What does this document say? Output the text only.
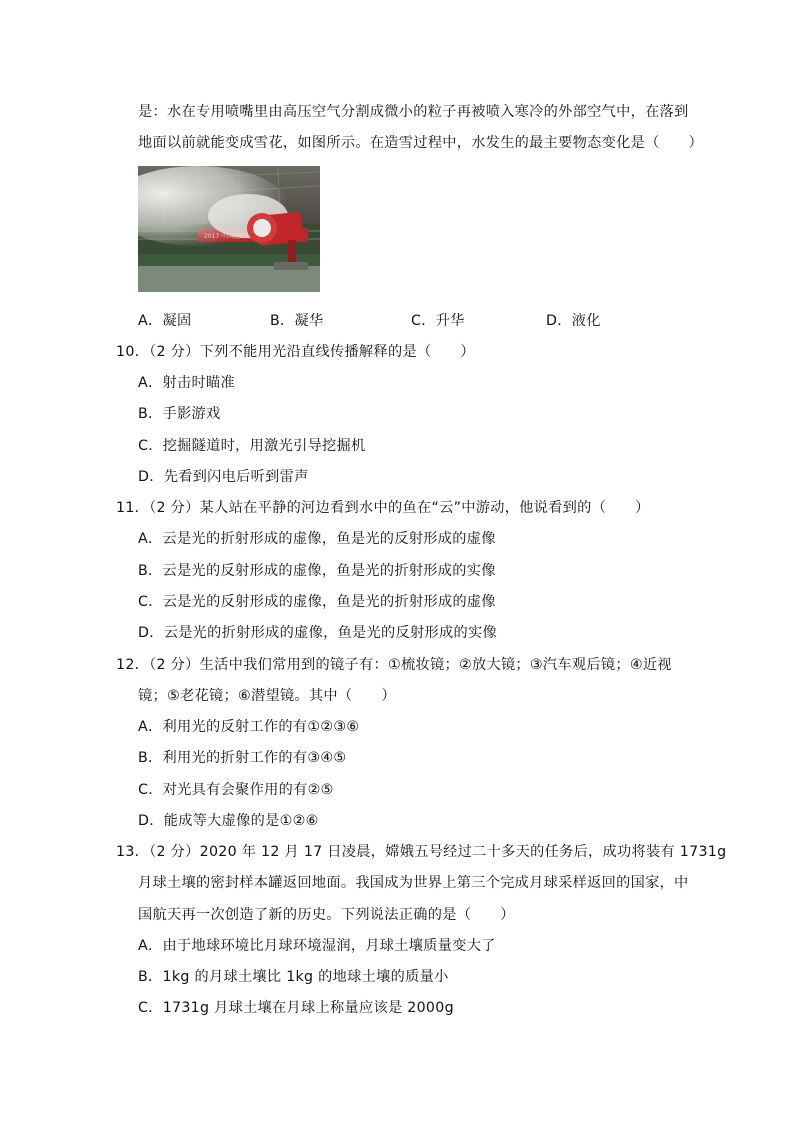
是：水在专用喷嘴里由高压空气分割成微小的粒子再被喷入寒冷的外部空气中，在落到
地面以前就能变成雪花，如图所示。在造雪过程中，水发生的最主要物态变化是（　　）
A．凝固	B．凝华	C．升华	D．液化
10．（2 分）下列不能用光沿直线传播解释的是（　　）
A．射击时瞄准
B．手影游戏
C．挖掘隧道时，用激光引导挖掘机
D．先看到闪电后听到雷声
11．（2 分）某人站在平静的河边看到水中的鱼在“云”中游动，他说看到的（　　）
A．云是光的折射形成的虚像，鱼是光的反射形成的虚像
B．云是光的反射形成的虚像，鱼是光的折射形成的实像
C．云是光的反射形成的虚像，鱼是光的折射形成的虚像
D．云是光的折射形成的虚像，鱼是光的反射形成的实像
12．（2 分）生活中我们常用到的镜子有：①梳妆镜；②放大镜；③汽车观后镜；④近视
镜；⑤老花镜；⑥潜望镜。其中（　　）
A．利用光的反射工作的有①②③⑥
B．利用光的折射工作的有③④⑤
C．对光具有会聚作用的有②⑤
D．能成等大虚像的是①②⑥
13．（2 分）2020 年 12 月 17 日凌晨，嫦娥五号经过二十多天的任务后，成功将装有 1731g
月球土壤的密封样本罐返回地面。我国成为世界上第三个完成月球采样返回的国家，中
国航天再一次创造了新的历史。下列说法正确的是（　　）
A．由于地球环境比月球环境湿润，月球土壤质量变大了
B．1kg 的月球土壤比 1kg 的地球土壤的质量小
C．1731g 月球土壤在月球上称量应该是 2000g
